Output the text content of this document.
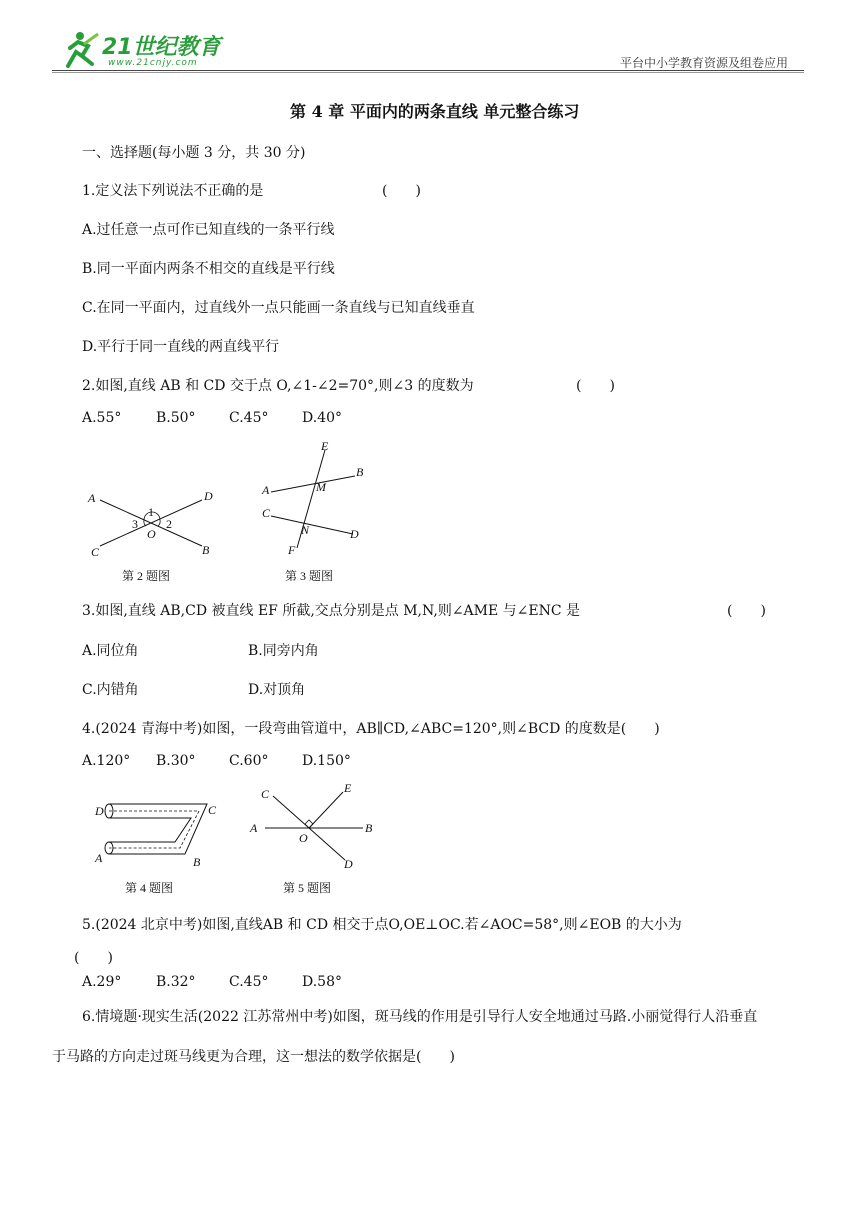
21世纪教育
www.21cnjy.com	平台中小学教育资源及组卷应用
第 4 章 平面内的两条直线 单元整合练习
一、选择题(每小题 3 分，共 30 分)
1.定义法下列说法不正确的是	(　　)
A.过任意一点可作已知直线的一条平行线
B.同一平面内两条不相交的直线是平行线
C.在同一平面内，过直线外一点只能画一条直线与已知直线垂直
D.平行于同一直线的两直线平行
2.如图,直线 AB 和 CD 交于点 O,∠1-∠2=70°,则∠3 的度数为	(　　)
A.55° B.50° C.45° D.40°
A	D
C	B
O
1
2
3
第 2 题图
E
B
A	M
C
N	D
F
第 3 题图
3.如图,直线 AB,CD 被直线 EF 所截,交点分别是点 M,N,则∠AME 与∠ENC 是	(　　)
A.同位角	B.同旁内角
C.内错角	D.对顶角
4.(2024 青海中考)如图，一段弯曲管道中，AB∥CD,∠ABC=120°,则∠BCD 的度数是(　　)
A.120° B.30° C.60° D.150°
D	C
A	B
第 4 题图
C	E
A	B
O
D
第 5 题图
5.(2024 北京中考)如图,直线AB 和 CD 相交于点O,OE⊥OC.若∠AOC=58°,则∠EOB 的大小为
(　　)
A.29° B.32° C.45° D.58°
6.情境题·现实生活(2022 江苏常州中考)如图，斑马线的作用是引导行人安全地通过马路.小丽觉得行人沿垂直
于马路的方向走过斑马线更为合理，这一想法的数学依据是(　　)
